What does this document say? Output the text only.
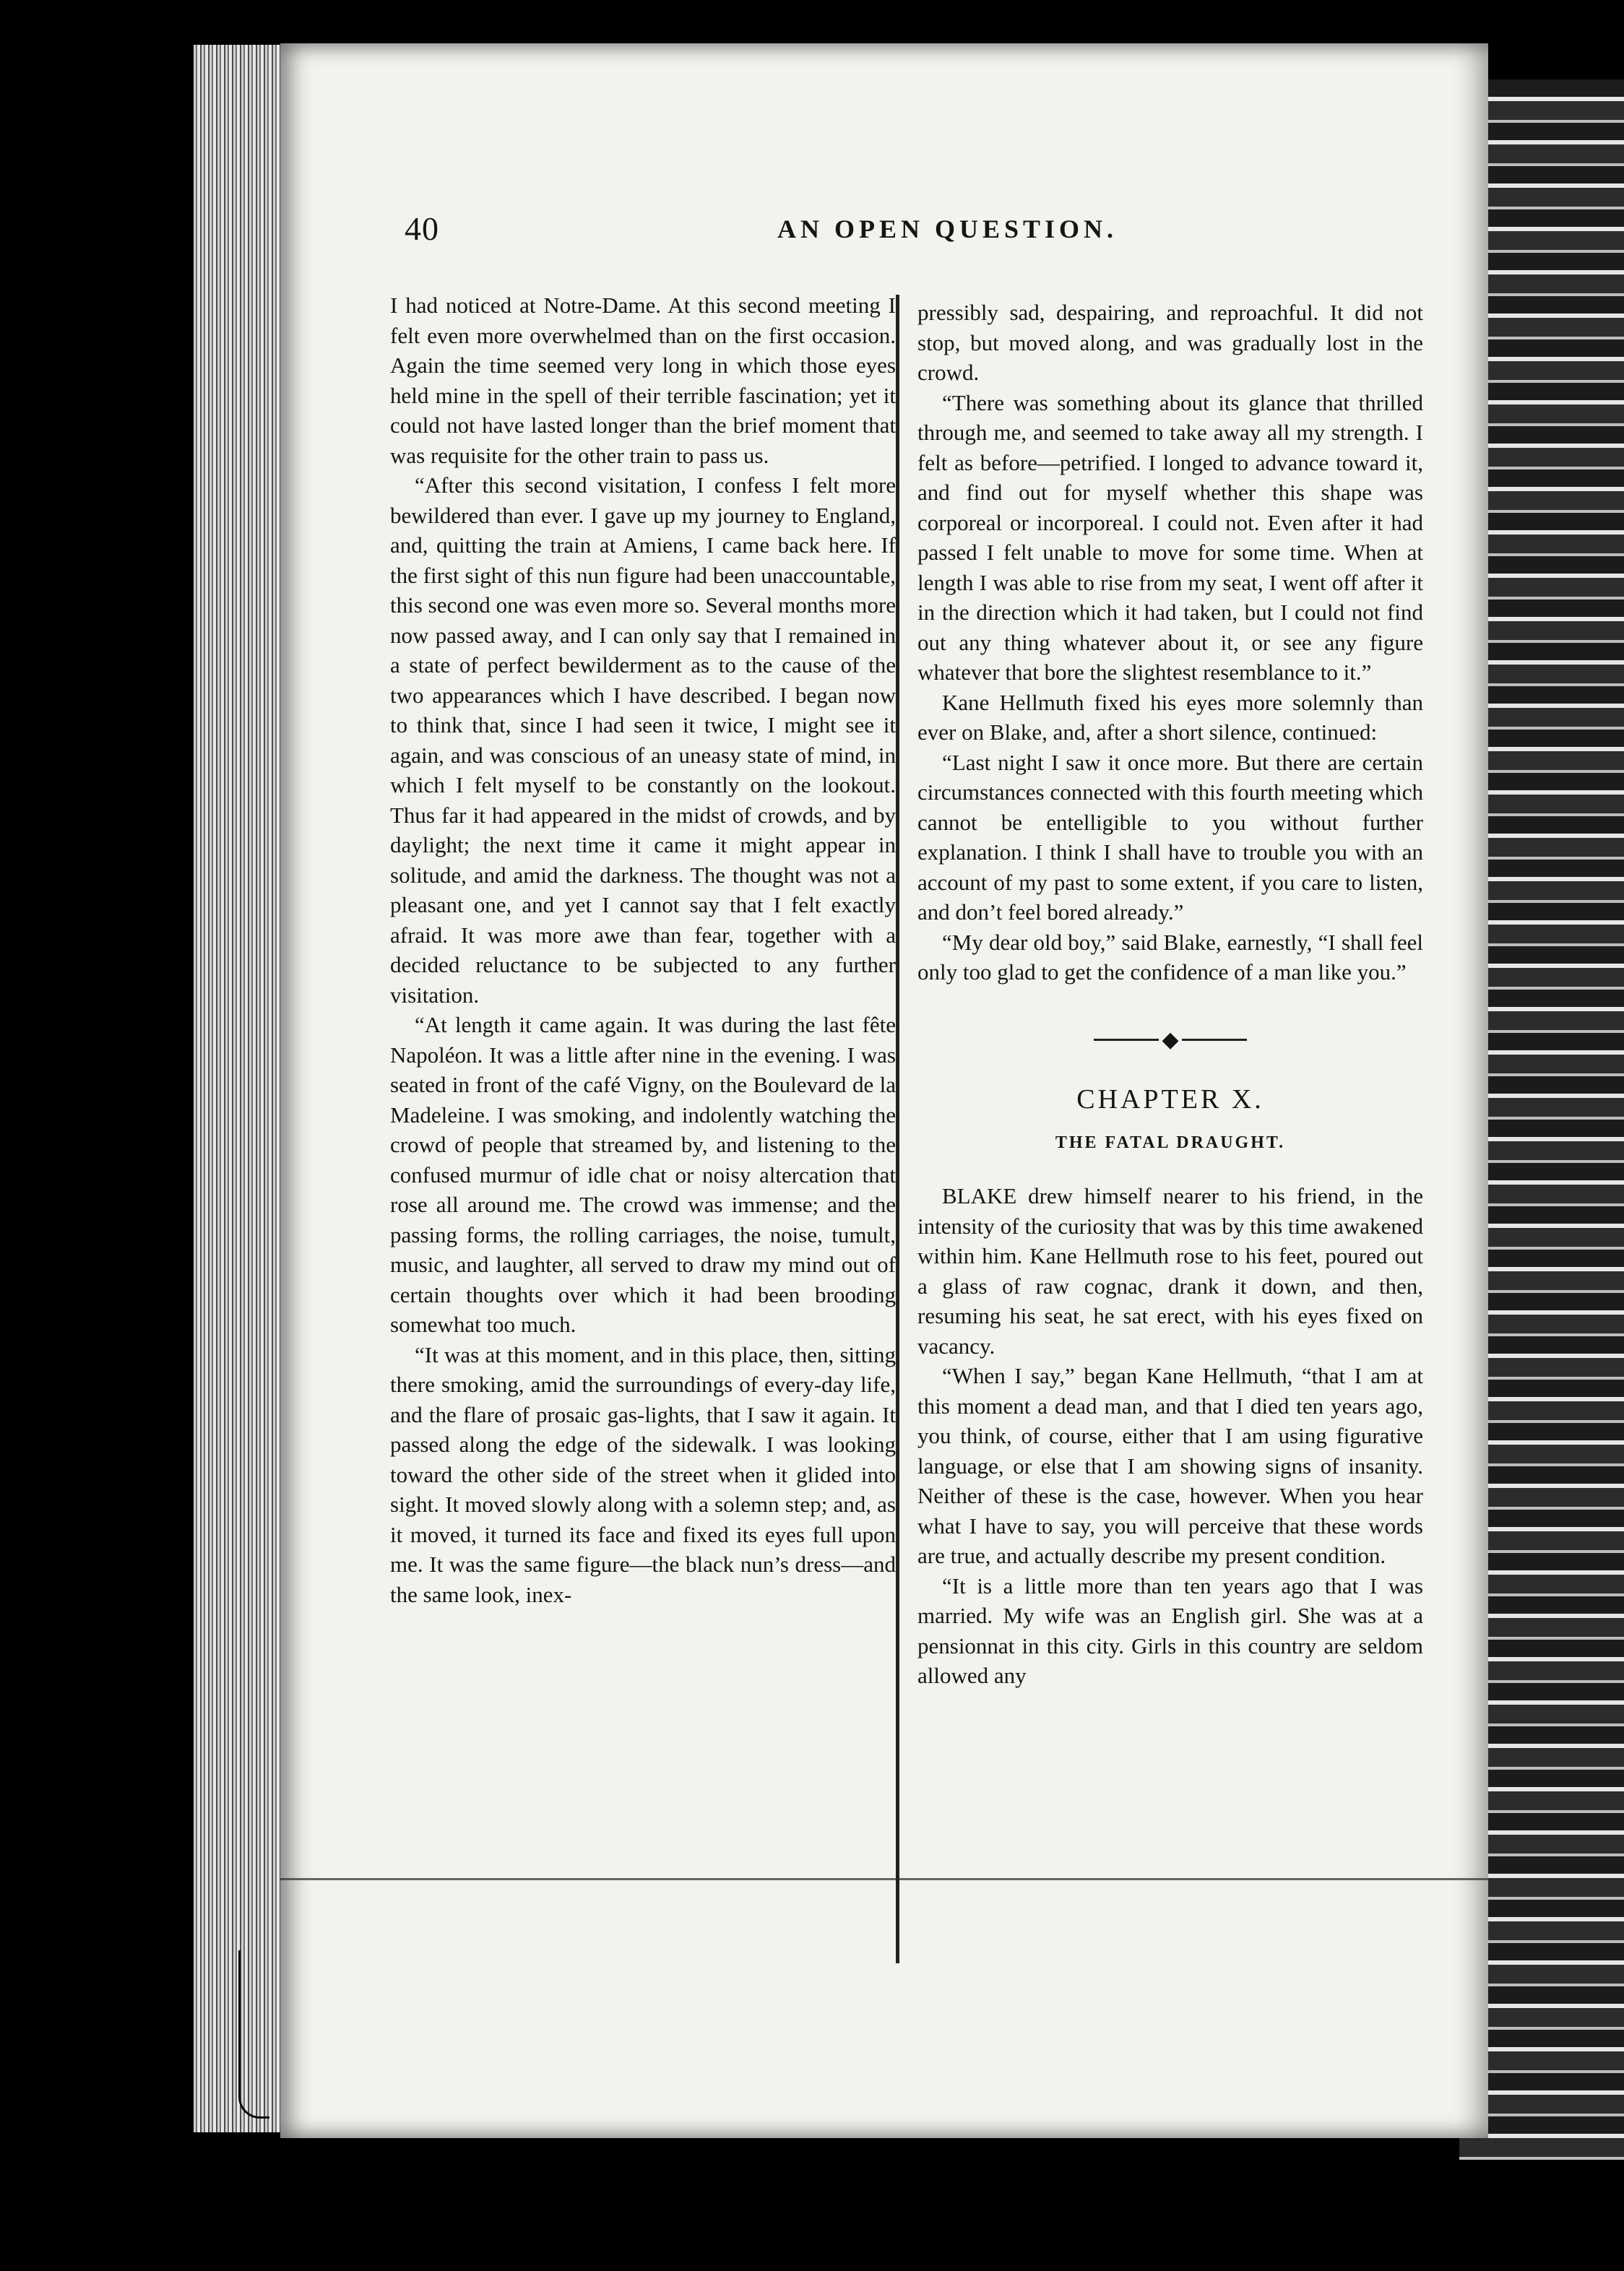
40	AN OPEN QUESTION.

I had noticed at Notre-Dame. At this second meeting I felt even more overwhelmed than on the first occasion. Again the time seemed very long in which those eyes held mine in the spell of their terrible fascination; yet it could not have lasted longer than the brief moment that was requisite for the other train to pass us.

“After this second visitation, I confess I felt more bewildered than ever. I gave up my journey to England, and, quitting the train at Amiens, I came back here. If the first sight of this nun figure had been unaccountable, this second one was even more so. Several months more now passed away, and I can only say that I remained in a state of perfect bewilderment as to the cause of the two appearances which I have described. I began now to think that, since I had seen it twice, I might see it again, and was conscious of an uneasy state of mind, in which I felt myself to be constantly on the lookout. Thus far it had appeared in the midst of crowds, and by daylight; the next time it came it might appear in solitude, and amid the darkness. The thought was not a pleasant one, and yet I cannot say that I felt exactly afraid. It was more awe than fear, together with a decided reluctance to be subjected to any further visitation.

“At length it came again. It was during the last fête Napoléon. It was a little after nine in the evening. I was seated in front of the café Vigny, on the Boulevard de la Madeleine. I was smoking, and indolently watching the crowd of people that streamed by, and listening to the confused murmur of idle chat or noisy altercation that rose all around me. The crowd was immense; and the passing forms, the rolling carriages, the noise, tumult, music, and laughter, all served to draw my mind out of certain thoughts over which it had been brooding somewhat too much.

“It was at this moment, and in this place, then, sitting there smoking, amid the surroundings of every-day life, and the flare of prosaic gas-lights, that I saw it again. It passed along the edge of the sidewalk. I was looking toward the other side of the street when it glided into sight. It moved slowly along with a solemn step; and, as it moved, it turned its face and fixed its eyes full upon me. It was the same figure—the black nun’s dress—and the same look, inex-

pressibly sad, despairing, and reproachful. It did not stop, but moved along, and was gradually lost in the crowd.

“There was something about its glance that thrilled through me, and seemed to take away all my strength. I felt as before—petrified. I longed to advance toward it, and find out for myself whether this shape was corporeal or incorporeal. I could not. Even after it had passed I felt unable to move for some time. When at length I was able to rise from my seat, I went off after it in the direction which it had taken, but I could not find out any thing whatever about it, or see any figure whatever that bore the slightest resemblance to it.”

Kane Hellmuth fixed his eyes more solemnly than ever on Blake, and, after a short silence, continued:

“Last night I saw it once more. But there are certain circumstances connected with this fourth meeting which cannot be entelligible to you without further explanation. I think I shall have to trouble you with an account of my past to some extent, if you care to listen, and don’t feel bored already.”

“My dear old boy,” said Blake, earnestly, “I shall feel only too glad to get the confidence of a man like you.”

◆
CHAPTER X.
THE FATAL DRAUGHT.

BLAKE drew himself nearer to his friend, in the intensity of the curiosity that was by this time awakened within him. Kane Hellmuth rose to his feet, poured out a glass of raw cognac, drank it down, and then, resuming his seat, he sat erect, with his eyes fixed on vacancy.

“When I say,” began Kane Hellmuth, “that I am at this moment a dead man, and that I died ten years ago, you think, of course, either that I am using figurative language, or else that I am showing signs of insanity. Neither of these is the case, however. When you hear what I have to say, you will perceive that these words are true, and actually describe my present condition.

“It is a little more than ten years ago that I was married. My wife was an English girl. She was at a pensionnat in this city. Girls in this country are seldom allowed any
